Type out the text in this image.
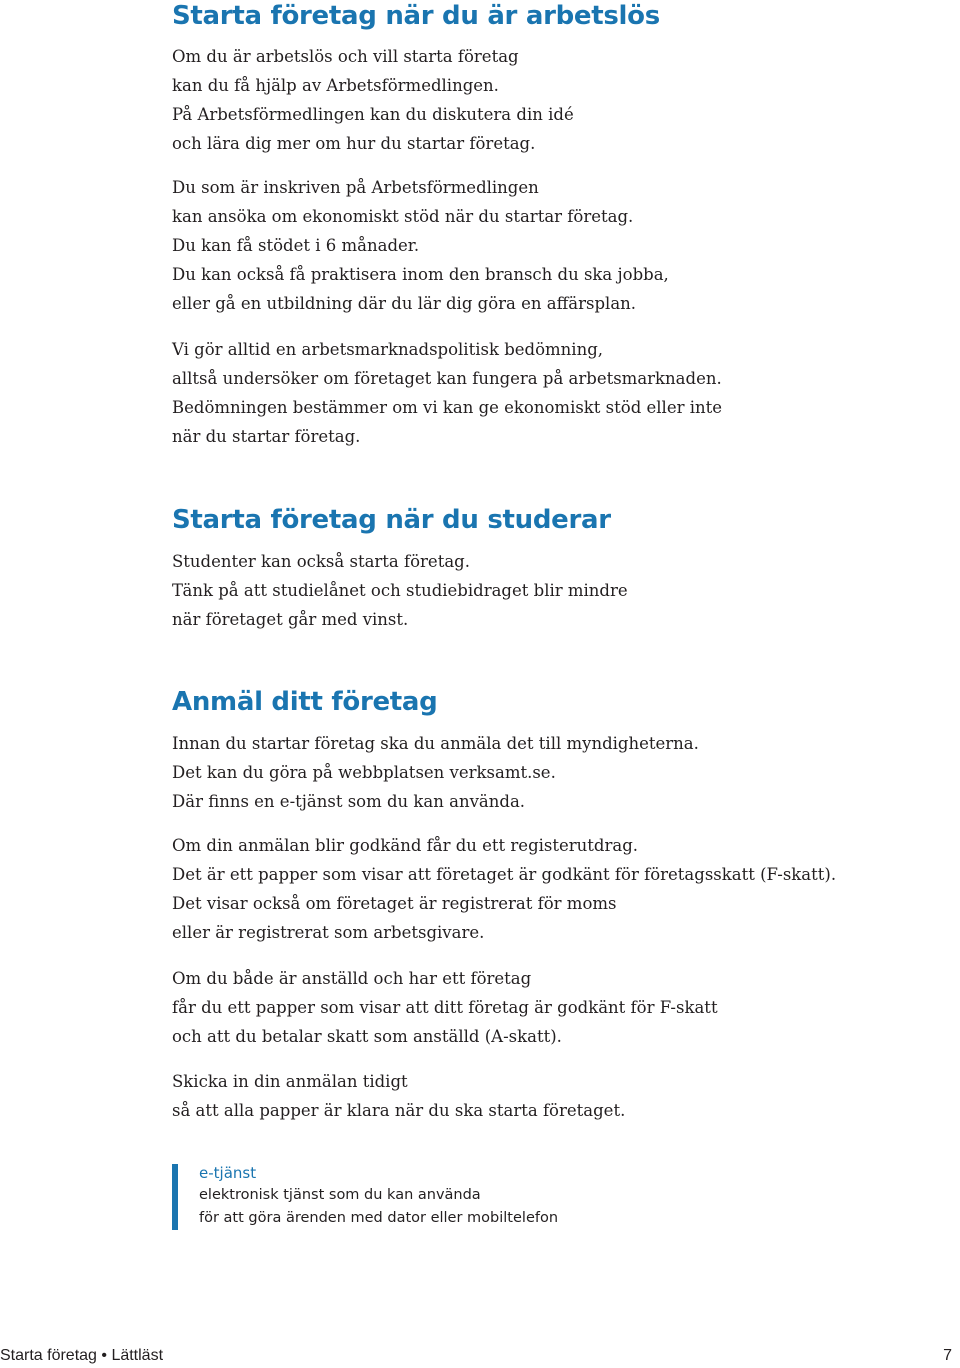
Starta företag när du är arbetslös

Om du är arbetslös och vill starta företag
kan du få hjälp av Arbetsförmedlingen.
På Arbetsförmedlingen kan du diskutera din idé
och lära dig mer om hur du startar företag.

Du som är inskriven på Arbetsförmedlingen
kan ansöka om ekonomiskt stöd när du startar företag.
Du kan få stödet i 6 månader.
Du kan också få praktisera inom den bransch du ska jobba,
eller gå en utbildning där du lär dig göra en affärsplan.

Vi gör alltid en arbetsmarknadspolitisk bedömning,
alltså undersöker om företaget kan fungera på arbetsmarknaden.
Bedömningen bestämmer om vi kan ge ekonomiskt stöd eller inte
när du startar företag.

Starta företag när du studerar

Studenter kan också starta företag.
Tänk på att studielånet och studiebidraget blir mindre
när företaget går med vinst.

Anmäl ditt företag

Innan du startar företag ska du anmäla det till myndigheterna.
Det kan du göra på webbplatsen verksamt.se.
Där finns en e-tjänst som du kan använda.

Om din anmälan blir godkänd får du ett registerutdrag.
Det är ett papper som visar att företaget är godkänt för företagsskatt (F-skatt).
Det visar också om företaget är registrerat för moms
eller är registrerat som arbetsgivare.

Om du både är anställd och har ett företag
får du ett papper som visar att ditt företag är godkänt för F-skatt
och att du betalar skatt som anställd (A-skatt).

Skicka in din anmälan tidigt
så att alla papper är klara när du ska starta företaget.

e-tjänst
elektronisk tjänst som du kan använda
för att göra ärenden med dator eller mobiltelefon
Starta företag • Lättläst	7
